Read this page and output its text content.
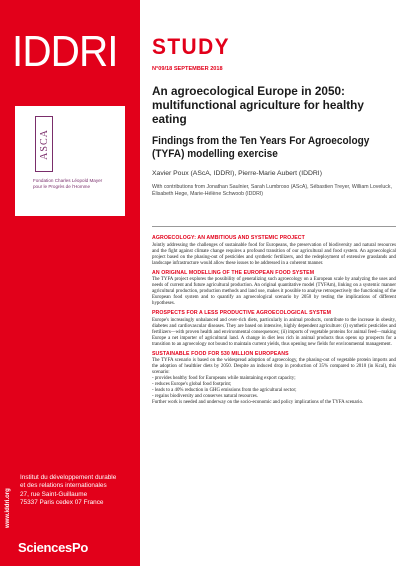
IDDRI
ASCA
Fondation Charles Léopold Mayer
pour le Progrès de l'Homme
www.iddri.org
Institut du développement durable
et des relations internationales
27, rue Saint-Guillaume
75337 Paris cedex 07 France
SciencesPo
STUDY
N°09/18 SEPTEMBER 2018
An agroecological Europe in 2050: multifunctional agriculture for healthy eating
Findings from the Ten Years For Agroecology (TYFA) modelling exercise
Xavier Poux (AScA, IDDRI), Pierre-Marie Aubert (IDDRI)
With contributions from Jonathan Saulnier, Sarah Lumbroso (AScA), Sébastien Treyer, William Loveluck, Élisabeth Hege, Marie-Hélène Schwoob (IDDRI)
AGROECOLOGY: AN AMBITIOUS AND SYSTEMIC PROJECT

Jointly addressing the challenges of sustainable food for Europeans, the preservation of biodiversity and natural resources and the fight against climate change requires a profound transition of our agricultural and food system. An agroecological project based on the phasing-out of pesticides and synthetic fertilizers, and the redeployment of extensive grasslands and landscape infrastructure would allow these issues to be addressed in a coherent manner.

AN ORIGINAL MODELLING OF THE EUROPEAN FOOD SYSTEM

The TYFA project explores the possibility of generalizing such agroecology on a European scale by analyzing the uses and needs of current and future agricultural production. An original quantitative model (TYFAm), linking on a systemic manner agricultural production, production methods and land use, makes it possible to analyse retrospectively the functioning of the European food system and to quantify an agroecological scenario by 2050 by testing the implications of different hypotheses.

PROSPECTS FOR A LESS PRODUCTIVE AGROECOLOGICAL SYSTEM

Europe's increasingly unbalanced and over-rich diets, particularly in animal products, contribute to the increase in obesity, diabetes and cardiovascular diseases. They are based on intensive, highly dependent agriculture: (i) synthetic pesticides and fertilizers—with proven health and environmental consequences; (ii) imports of vegetable proteins for animal feed—making Europe a net importer of agricultural land. A change in diet less rich in animal products thus opens up prospects for a transition to an agroecology not bound to maintain current yields, thus opening new fields for environmental management.

SUSTAINABLE FOOD FOR 530 MILLION EUROPEANS

The TYFA scenario is based on the widespread adoption of agroecology, the phasing-out of vegetable protein imports and the adoption of healthier diets by 2050. Despite an induced drop in production of 35% compared to 2010 (in Kcal), this scenario:

- provides healthy food for Europeans while maintaining export capacity;
- reduces Europe's global food footprint;
- leads to a 40% reduction in GHG emissions from the agricultural sector;
- regains biodiversity and conserves natural resources.

Further work is needed and underway on the socio-economic and policy implications of the TYFA scenario.
